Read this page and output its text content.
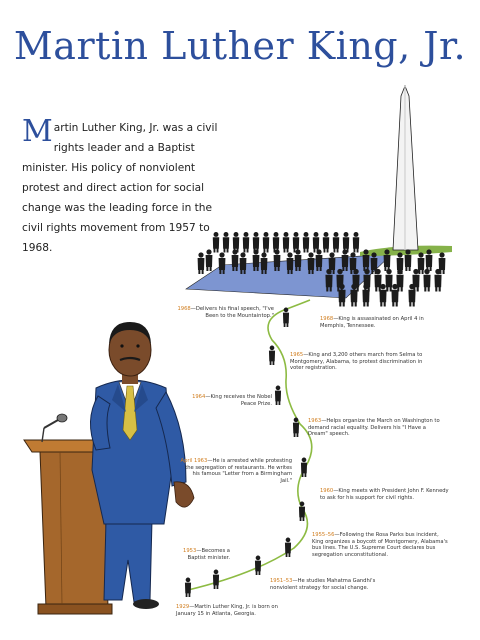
Martin Luther King, Jr.
Martin Luther King, Jr. was a civil rights leader and a Baptist minister. His policy of nonviolent protest and direct action for social change was the leading force in the civil rights movement from 1957 to 1968.
1929—Martin Luther King, Jr. is born on January 15 in Atlanta, Georgia.
1951–53—He studies Mahatma Gandhi's nonviolent strategy for social change.
1953—Becomes a Baptist minister.
1955–56—Following the Rosa Parks bus incident, King organizes a boycott of Montgomery, Alabama's bus lines. The U.S. Supreme Court declares bus segregation unconstitutional.
1960—King meets with President John F. Kennedy to ask for his support for civil rights.
April 1963—He is arrested while protesting the segregation of restaurants. He writes his famous "Letter from a Birmingham Jail."
1963—Helps organize the March on Washington to demand racial equality. Delivers his "I Have a Dream" speech.
1964—King receives the Nobel Peace Prize.
1965—King and 3,200 others march from Selma to Montgomery, Alabama, to protest discrimination in voter registration.
1968—Delivers his final speech, "I've Been to the Mountaintop."
1968—King is assassinated on April 4 in Memphis, Tennessee.
